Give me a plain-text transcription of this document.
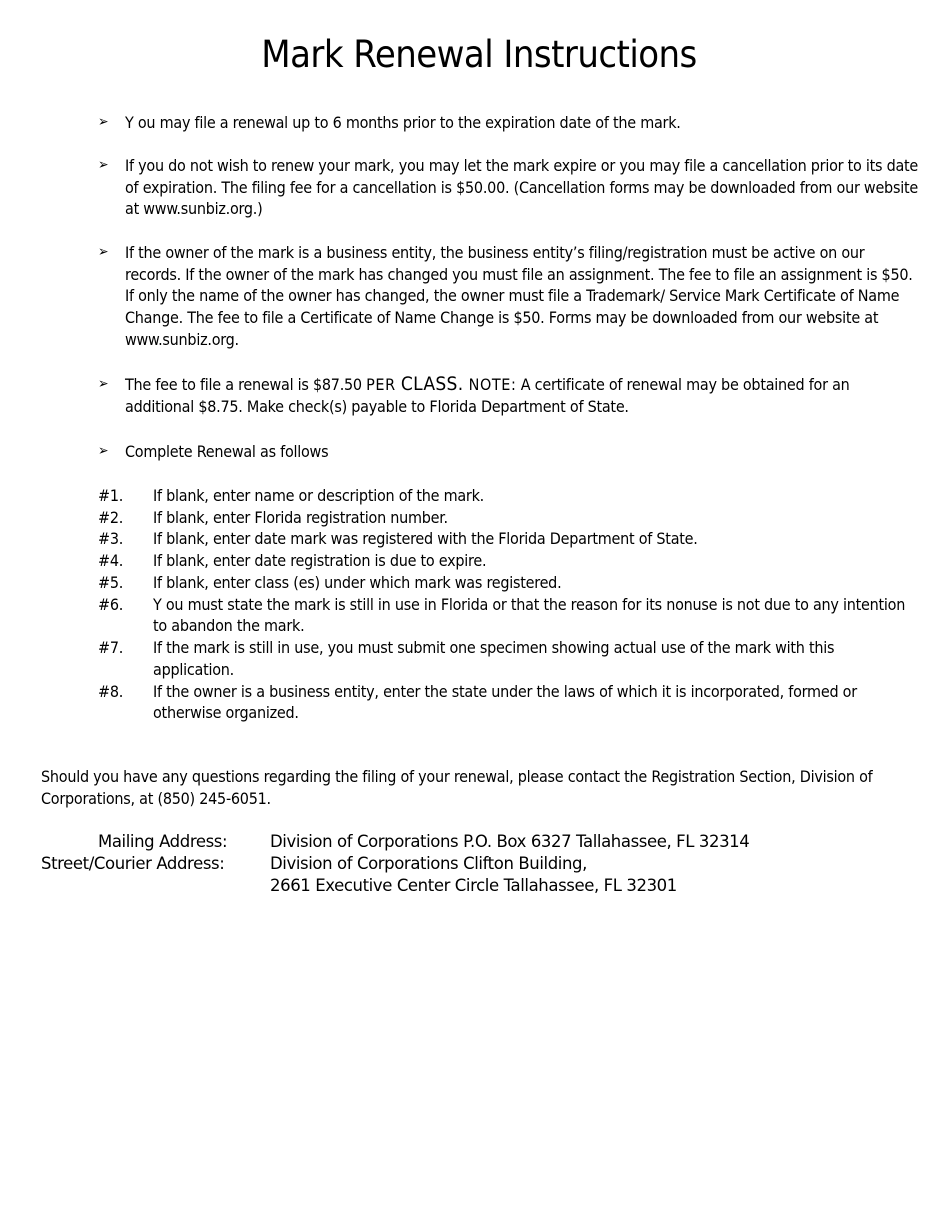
Mark Renewal Instructions
➢	Y ou may file a renewal up to 6 months prior to the expiration date of the mark.
➢	If you do not wish to renew your mark, you may let the mark expire or you may file a cancellation prior to its date of expiration. The filing fee for a cancellation is $50.00. (Cancellation forms may be downloaded from our website at www.sunbiz.org.)
➢	If the owner of the mark is a business entity, the business entity’s filing/registration must be active on our records. If the owner of the mark has changed you must file an assignment. The fee to file an assignment is $50. If only the name of the owner has changed, the owner must file a Trademark/ Service Mark Certificate of Name Change. The fee to file a Certificate of Name Change is $50. Forms may be downloaded from our website at www.sunbiz.org.
➢	The fee to file a renewal is $87.50 PER CLASS. NOTE: A certificate of renewal may be obtained for an additional $8.75. Make check(s) payable to Florida Department of State.
➢	Complete Renewal as follows
#1. If blank, enter name or description of the mark.
#2. If blank, enter Florida registration number.
#3. If blank, enter date mark was registered with the Florida Department of State.
#4. If blank, enter date registration is due to expire.
#5. If blank, enter class (es) under which mark was registered.
#6. Y ou must state the mark is still in use in Florida or that the reason for its nonuse is not due to any intention to abandon the mark.
#7. If the mark is still in use, you must submit one specimen showing actual use of the mark with this application.
#8. If the owner is a business entity, enter the state under the laws of which it is incorporated, formed or otherwise organized.
Should you have any questions regarding the filing of your renewal, please contact the Registration Section, Division of Corporations, at (850) 245-6051.
Mailing Address:	Division of Corporations P.O. Box 6327 Tallahassee, FL 32314
Street/Courier Address:	Division of Corporations Clifton Building,
2661 Executive Center Circle Tallahassee, FL 32301
